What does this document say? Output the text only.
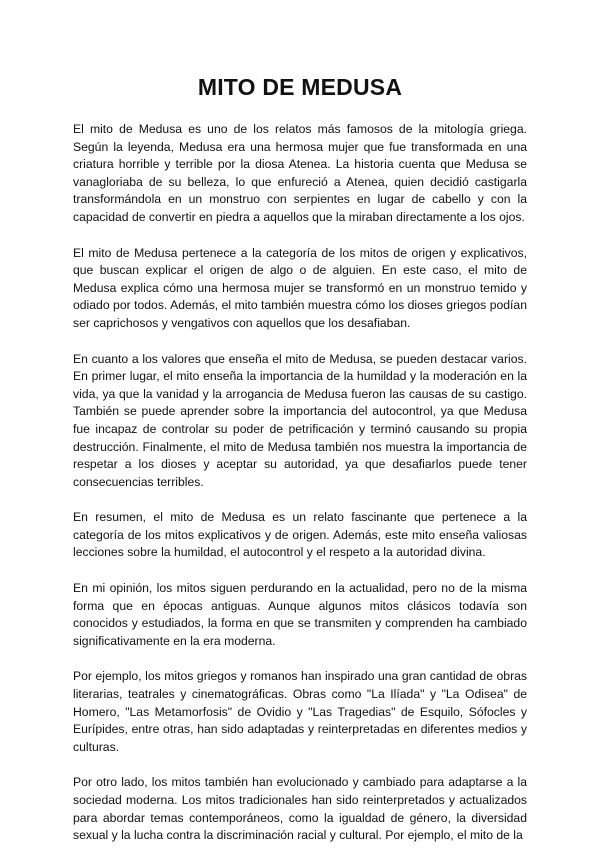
MITO DE MEDUSA

El mito de Medusa es uno de los relatos más famosos de la mitología griega. Según la leyenda, Medusa era una hermosa mujer que fue transformada en una criatura horrible y terrible por la diosa Atenea. La historia cuenta que Medusa se vanagloriaba de su belleza, lo que enfureció a Atenea, quien decidió castigarla transformándola en un monstruo con serpientes en lugar de cabello y con la capacidad de convertir en piedra a aquellos que la miraban directamente a los ojos.

El mito de Medusa pertenece a la categoría de los mitos de origen y explicativos, que buscan explicar el origen de algo o de alguien. En este caso, el mito de Medusa explica cómo una hermosa mujer se transformó en un monstruo temido y odiado por todos. Además, el mito también muestra cómo los dioses griegos podían ser caprichosos y vengativos con aquellos que los desafiaban.

En cuanto a los valores que enseña el mito de Medusa, se pueden destacar varios. En primer lugar, el mito enseña la importancia de la humildad y la moderación en la vida, ya que la vanidad y la arrogancia de Medusa fueron las causas de su castigo. También se puede aprender sobre la importancia del autocontrol, ya que Medusa fue incapaz de controlar su poder de petrificación y terminó causando su propia destrucción. Finalmente, el mito de Medusa también nos muestra la importancia de respetar a los dioses y aceptar su autoridad, ya que desafiarlos puede tener consecuencias terribles.

En resumen, el mito de Medusa es un relato fascinante que pertenece a la categoría de los mitos explicativos y de origen. Además, este mito enseña valiosas lecciones sobre la humildad, el autocontrol y el respeto a la autoridad divina.

En mi opinión, los mitos siguen perdurando en la actualidad, pero no de la misma forma que en épocas antiguas. Aunque algunos mitos clásicos todavía son conocidos y estudiados, la forma en que se transmiten y comprenden ha cambiado significativamente en la era moderna.

Por ejemplo, los mitos griegos y romanos han inspirado una gran cantidad de obras literarias, teatrales y cinematográficas. Obras como "La Ilíada" y "La Odisea" de Homero, "Las Metamorfosis" de Ovidio y "Las Tragedias" de Esquilo, Sófocles y Eurípides, entre otras, han sido adaptadas y reinterpretadas en diferentes medios y culturas.

Por otro lado, los mitos también han evolucionado y cambiado para adaptarse a la sociedad moderna. Los mitos tradicionales han sido reinterpretados y actualizados para abordar temas contemporáneos, como la igualdad de género, la diversidad sexual y la lucha contra la discriminación racial y cultural. Por ejemplo, el mito de la
